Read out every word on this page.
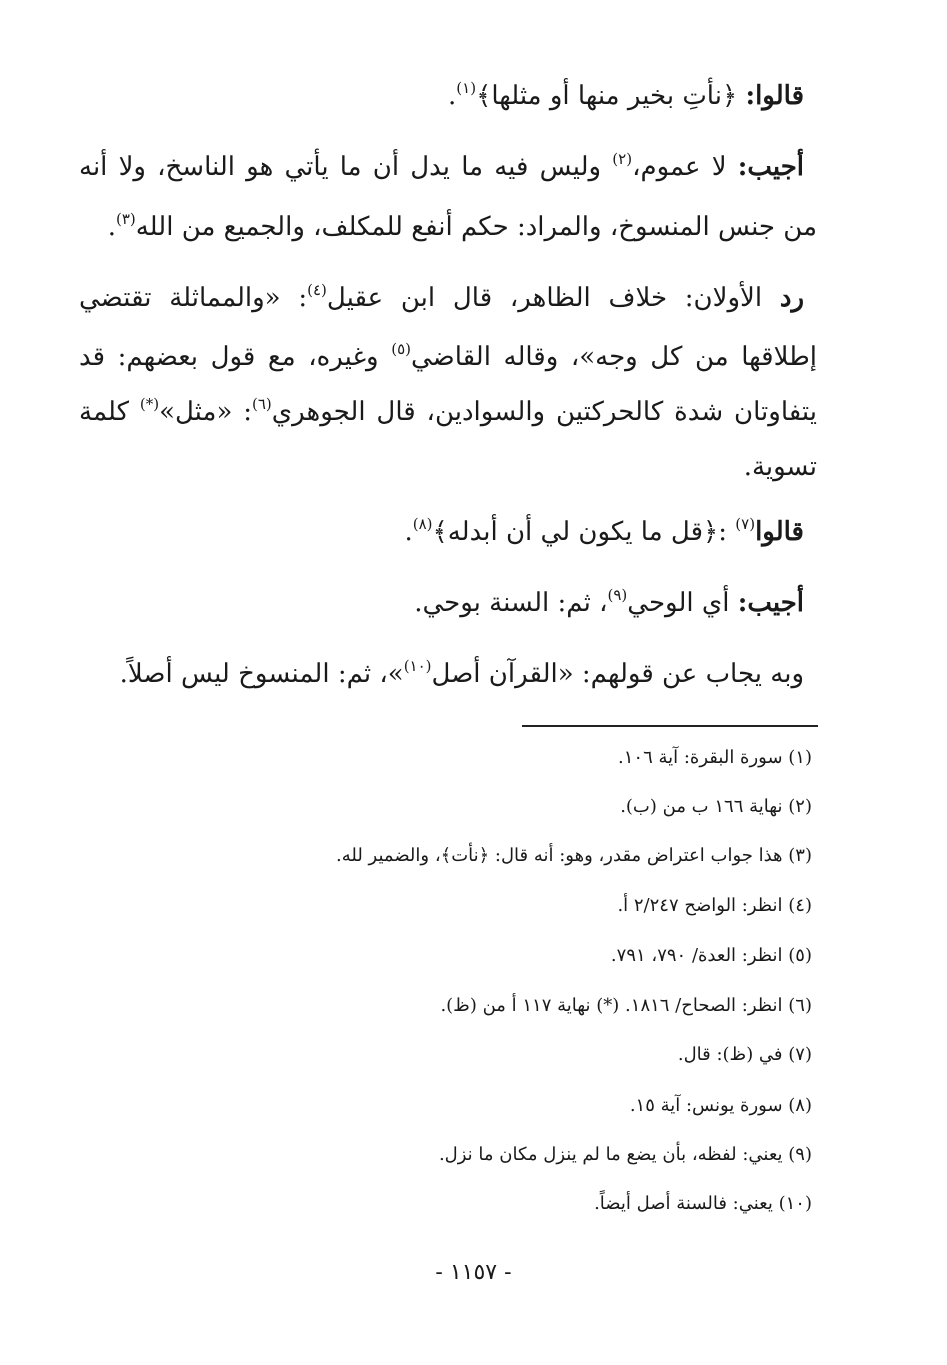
قالوا: ﴿نأتِ بخير منها أو مثلها﴾$^{(١)}$.
أجيب: لا عموم،$^{(٢)}$ وليس فيه ما يدل أن ما يأتي هو الناسخ، ولا أنه
من جنس المنسوخ، والمراد: حكم أنفع للمكلف، والجميع من الله$^{(٣)}$.
رد الأولان: خلاف الظاهر، قال ابن عقيل$^{(٤)}$: «والمماثلة تقتضي
إطلاقها من كل وجه»، وقاله القاضي$^{(٥)}$ وغيره، مع قول بعضهم: قد
يتفاوتان شدة كالحركتين والسوادين، قال الجوهري$^{(٦)}$: «مثل»(*) كلمة
تسوية.
قالوا$^{(٧)}$ :﴿قل ما يكون لي أن أبدله﴾$^{(٨)}$.
أجيب: أي الوحي$^{(٩)}$، ثم: السنة بوحي.
وبه يجاب عن قولهم: «القرآن أصل$^{(١٠)}$»، ثم: المنسوخ ليس أصلاً.
(١) سورة البقرة: آية ١٠٦.
(٢) نهاية ١٦٦ ب من (ب).
(٣) هذا جواب اعتراض مقدر، وهو: أنه قال: ﴿نأت﴾، والضمير لله.
(٤) انظر: الواضح ٢/٢٤٧ أ.
(٥) انظر: العدة/ ٧٩٠، ٧٩١.
(٦) انظر: الصحاح/ ١٨١٦. (*) نهاية ١١٧ أ من (ظ).
(٧) في (ظ): قال.
(٨) سورة يونس: آية ١٥.
(٩) يعني: لفظه، بأن يضع ما لم ينزل مكان ما نزل.
(١٠) يعني: فالسنة أصل أيضاً.
- ١١٥٧ -
